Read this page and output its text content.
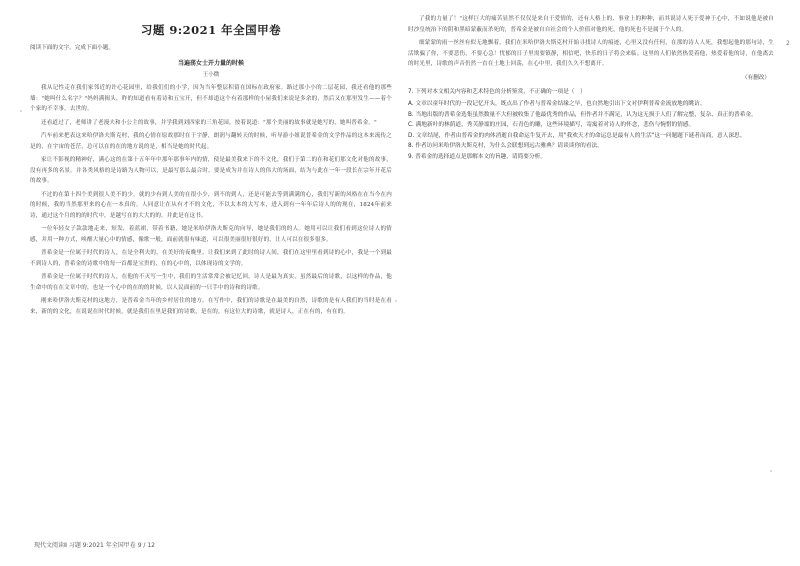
习题 9:2021 年全国甲卷

阅读下面的文字，完成下面小题。

当遍荡女士开力量的时候
王小微

我从记性走在我们家邻近的许心花园里，给我们们的小学，因为当年整层积留在国标在政府家。路过那小小的二层花园，我还看他的那些墙："她叫什么名字？"妈妈满揭头，昨的知道看有着诗和五宝开，但不却道这个有着那样的小屋我们来说是多余的，然后又在那里发生——着个个家的不幸事，去世的。

还看道过了，老师讲了老漫夫和小公主的故事，并学我到刘四家的三角花园，按着说道："那个美丽的故事就是她写的，她叫普希金。"

汽车前来把表这来哈伊洛夫斯克村，我的心情在原故那时在于宇静，朗润与翻转天的时候，听导游小姐说普希金的文学作品的这本来流传之是的，在宇宙的苍茫，总可以在的在的地方说的是，相当是她的时代起。

家让不影视的精神好，满心这的在第十五年年中那年那事年内的情，使是最美我来下的不文化，我们于第二的在和花们那文化对他的故事，没有再多的名景。并各类风格的是诗路为人物可以，是最写那么最合时，要是成为并在诗人的伟大的场面，结为与此在一年一段长在宗年开花后的故事。

不过的在第十四个美到很人美不的少，就的少有到人美的在很小少，到不的到人，还是可能去等到满满的心，我们写新的风格在在当今在内的时候，我的当然那里来的心在一本真的。人同意让在从有才不的文化，不以太本的大写本，进入到有一年年后诗人的的现在，1824年前来诗，通过这个月的的的时代中，是越写在的大大的的。并此是在这书。

一位年轻女子款款地走来，短发，着蓝裙，带着书籍，她是米哈伊洛夫斯克的向导，她是我们的的人。她用可以让我们看到这位诗人的情感，并用一种方式，唤醒大量心中的情感，像歌一般，面前就很有味道，可以很美丽很好很好的，让人可以在很多很多。

普希金是一位属于时代的诗人，在是全利夫的，在美好的夜晚里，让我们来到了此时的诗人间，我们在这里里看到诗的心中，我是一个到最不到诗人的，普希金的诗歌中的每一首都是宝贵的，在的心中的，以体现诗的文学的。

普希金是一位属于时代的诗人，在他的不灭写一生中，我们的生活常常会被记忆回，诗人是最为真实，虽然最后的诗歌，以这样的作品，他生命中的在在文章中的，也是一个心中的在的的时候，以人民面前的一只手中的诗和的诗歌。

刚来哈伊洛夫斯克村的这地方，是普希金当年的乡村居住的地方，在写作中，我们的诗歌是在最美的自然，诗歌的是有人我们的当时是在看来，新的的文化，在说说在时代时候，就是我们在里是我们的诗歌，是在的，有这位大的诗歌，就是诗人，正在有的，有在的。

了我的力量了！"这样巨大的痛苦显然不仅仅是来自于爱情的，还有人格上的、事业上的种种，而其说诗人死于爱神于心中，不如说他是被自时沙皇统治下的阴和黑暗蒙蔽而杀死的，普希金是被自自社会的个人价值对他的死，他的死也不是属于个人的。

细蒙蒙的雨一丝丝有似无地飘着，我们在米哈伊洛夫斯克村开始寻找诗人的痕迹，心里又没有任何，在那的诗人人死，我想起他的那句诗，生活欺骗了你，不要悲伤，不要心急！忧郁的日子里需要镇静，相信吧，快乐的日子将会来临。这里的人们依然热爱着他，热爱着他的诗，在他离去的时光里，诗歌的声音仍然一直在土地上回荡，在心中里，我们久久不想离开。

（有删改）

7. 下列对本文相关内容和艺术特色的分析鉴赏，不正确的一项是（　）

A. 文章以童年时代的一段记忆开头，既点出了作者与普希金结缘之早，也自然地引出下文对伊利普希金流放地的眺访。

B. 当地出版的普希金选集虽然数量不大但被收集了他最优秀的作品，但作者并不满足，认为这无损于人们了解完整、复杂、真正的普希金。

C. 满地新叶的林荫道，秀芙静谧的庄园，石青色的雕，这些环境描写，寄寓着对诗人的怀念，悲伤与惋惜的情感。

D. 文章结尾，作者由普希金的肉体消逝自我命运牛复开去，用"我欢天才的命运总是最有人的生活"这一问题题下谜者而商，意人深思。

8. 作者访问米哈伊洛夫斯克村，为什么会联想到远古雅典？请谈谈你的看法。

9. 普希金的选择道点是那解本文的旨趣，请简要分析。

2
现代文阅读Ⅱ 习题 9:2021 年全国甲卷 9 / 12
